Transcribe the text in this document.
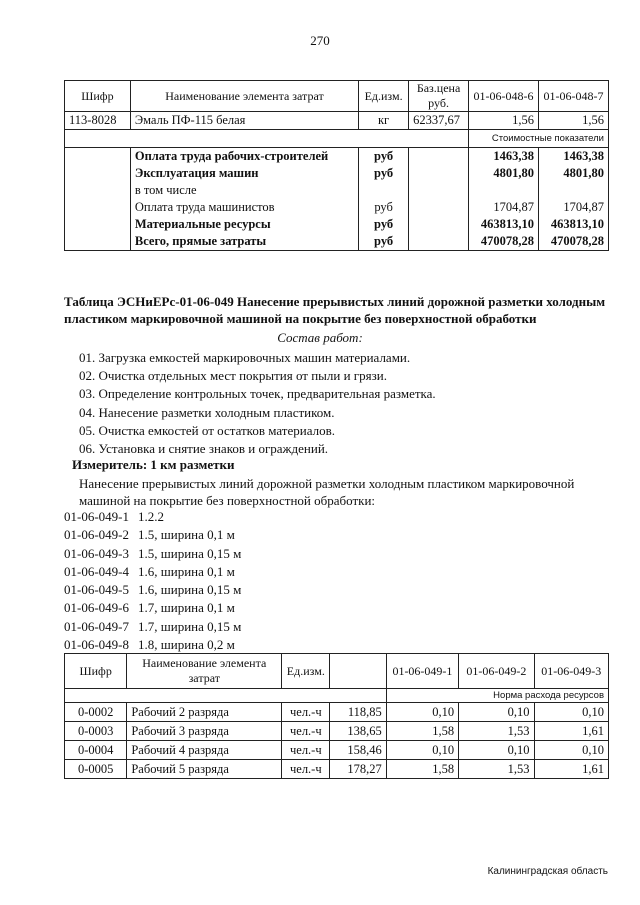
270
Шифр	Наименование элемента затрат	Ед.изм.	Баз.цена руб.	01-06-048-6	01-06-048-7
113-8028	Эмаль ПФ-115 белая	кг	62337,67	1,56	1,56
				Стоимостные показатели	
	Оплата труда рабочих-строителей	руб		1463,38	1463,38
	Эксплуатация машин	руб		4801,80	4801,80
	в том числе				
	Оплата труда машинистов	руб		1704,87	1704,87
	Материальные ресурсы	руб		463813,10	463813,10
	Всего, прямые затраты	руб		470078,28	470078,28
Таблица ЭСНиЕРс-01-06-049 Нанесение прерывистых линий дорожной разметки холодным пластиком маркировочной машиной на покрытие без поверхностной обработки
Состав работ:
01. Загрузка емкостей маркировочных машин материалами.
02. Очистка отдельных мест покрытия от пыли и грязи.
03. Определение контрольных точек, предварительная разметка.
04. Нанесение разметки холодным пластиком.
05. Очистка емкостей от остатков материалов.
06. Установка и снятие знаков и ограждений.
Измеритель: 1 км разметки
Нанесение прерывистых линий дорожной разметки холодным пластиком маркировочной машиной на покрытие без поверхностной обработки:
01-06-049-1 1.2.2
01-06-049-2 1.5, ширина 0,1 м
01-06-049-3 1.5, ширина 0,15 м
01-06-049-4 1.6, ширина 0,1 м
01-06-049-5 1.6, ширина 0,15 м
01-06-049-6 1.7, ширина 0,1 м
01-06-049-7 1.7, ширина 0,15 м
01-06-049-8 1.8, ширина 0,2 м
Шифр	Наименование элемента затрат	Ед.изм.		01-06-049-1	01-06-049-2	01-06-049-3
				Норма расхода ресурсов		
0-0002	Рабочий 2 разряда	чел.-ч	118,85	0,10	0,10	0,10
0-0003	Рабочий 3 разряда	чел.-ч	138,65	1,58	1,53	1,61
0-0004	Рабочий 4 разряда	чел.-ч	158,46	0,10	0,10	0,10
0-0005	Рабочий 5 разряда	чел.-ч	178,27	1,58	1,53	1,61
Калининградская область
